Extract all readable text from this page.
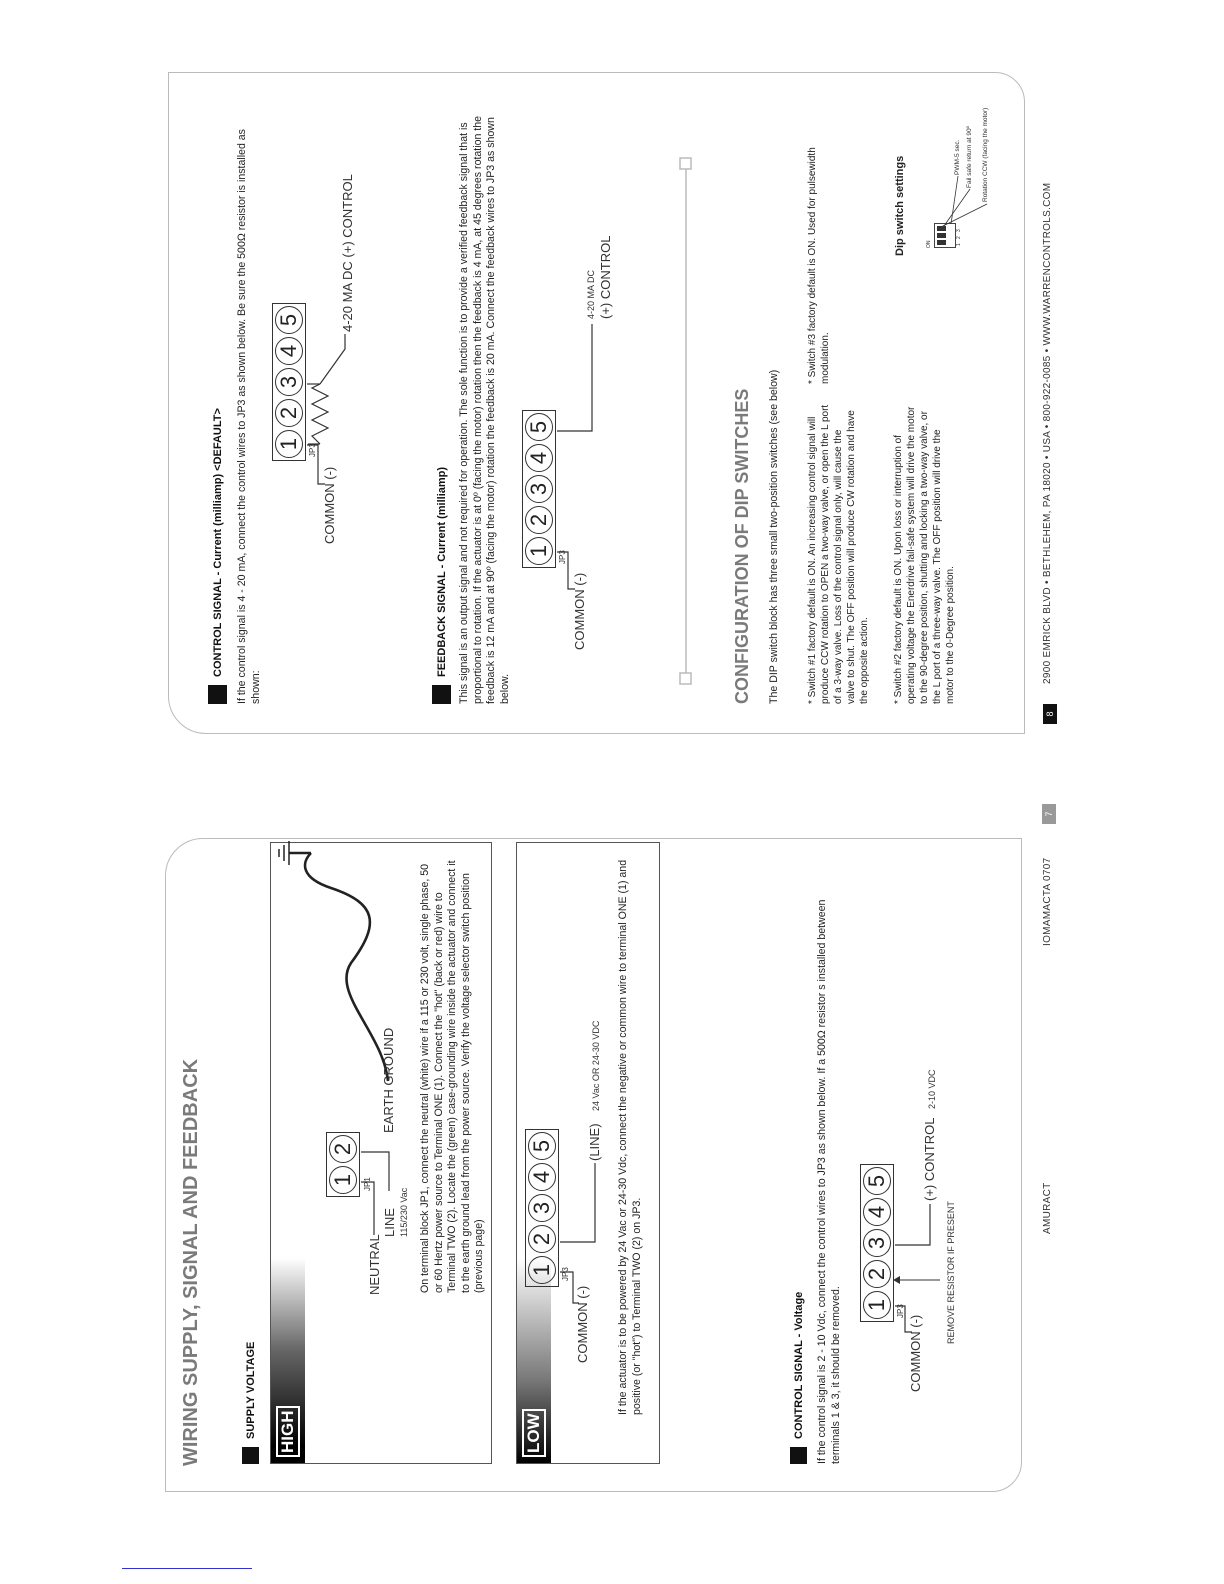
WIRING SUPPLY, SIGNAL AND FEEDBACK	SUPPLY VOLTAGE HIGH
On terminal block JP1, connect the neutral (white) wire if a 115 or 230 volt, single phase, 50 or 60 Hertz power source to Terminal ONE (1). Connect the "hot" (back or red) wire to Terminal TWO (2). Locate the (green) case-grounding wire inside the actuator and connect it to the earth ground lead from the power source. Verify the voltage selector switch position (previous page)
1
2
JP1
NEUTRAL
LINE 115/230 Vac
EARTH GROUND
LOW
1
2
3
4
5
JP3
COMMON (-)
(LINE)
24 Vac OR 24-30 VDC If the actuator is to be powered by 24 Vac or 24-30 Vdc, connect the negative or common wire to terminal ONE (1) and positive (or "hot") to Terminal TWO (2) on JP3.	CONTROL SIGNAL - Voltage If the control signal is 2 - 10 Vdc, connect the control wires to JP3 as shown below. If a 500Ω resistor s installed between terminals 1 & 3, it should be removed. 1
2
3
4
5
JP3
COMMON (-)
(+) CONTROL
2-10 VDC
REMOVE RESISTOR IF PRESENT	AMURACT
IOMAMACTA 0707
7
CONTROL SIGNAL - Current (milliamp) <DEFAULT> If the control signal is 4 - 20 mA, connect the control wires to JP3 as shown below. Be sure the 500Ω resistor is installed as shown:
1
2
3
4
5
JP3
COMMON (-)
4-20 MA DC (+) CONTROL
FEEDBACK SIGNAL - Current (milliamp) This signal is an output signal and not required for operation. The sole function is to provide a verified feedback signal that is proportional to rotation. If the actuator is at 0º (facing the motor) rotation then the feedback is 4 mA, at 45 degrees rotation the feedback is 12 mA and at 90º (facing the motor) rotation the feedback is 20 mA. Connect the feedback wires to JP3 as shown below.
1
2
3
4
5
JP3
COMMON (-)
4-20 MA DC (+) CONTROL
CONFIGURATION OF DIP SWITCHES The DIP switch block has three small two-position switches (see below)	* Switch #1 factory default is ON. An increasing control signal will produce CCW rotation to OPEN a two-way valve, or open the L port of a 3-way valve. Loss of the control signal only, will cause the valve to shut. The OFF position will produce CW rotation and have the opposite action. * Switch #2 factory default is ON. Upon loss or interruption of operating voltage the Enerdrive fail-safe system will drive the motor to the 90-degree position, shutting and locking a two-way valve, or the L port of a three-way valve. The OFF position will drive the motor to the 0-Degree position.
* Switch #3 factory default is ON. Used for pulsewidth modulation.
Dip switch settings	ON	1
2
3
Rotation CCW (facing the motor)
Fail safe return at 90º
PWM-5 sec.
8
2900 EMRICK BLVD • BETHLEHEM, PA 18020 • USA • 800-922-0085 • WWW.WARRENCONTROLS.COM
